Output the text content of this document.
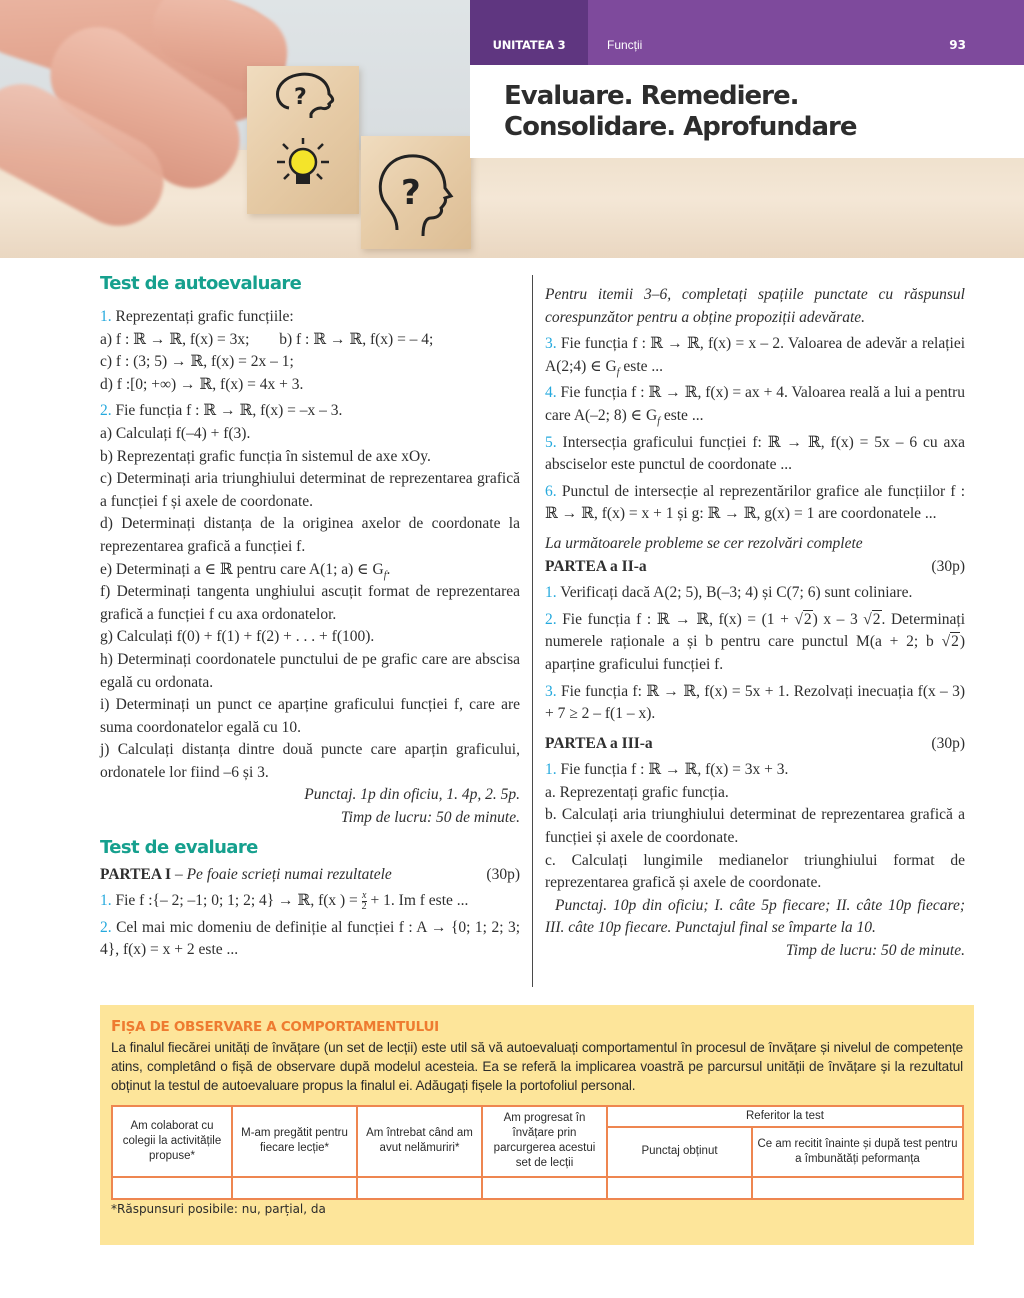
?
?
UNITATEA 3	Funcții	93
Evaluare. Remediere.
Consolidare. Aprofundare
Test de autoevaluare
1. Reprezentați grafic funcțiile:
a) f : ℝ → ℝ, f(x) = 3x; b) f : ℝ → ℝ, f(x) = – 4;
c) f : (3; 5) → ℝ, f(x) = 2x – 1;
d) f :[0; +∞) → ℝ, f(x) = 4x + 3.
2. Fie funcția f : ℝ → ℝ, f(x) = –x – 3.
a) Calculați f(–4) + f(3).
b) Reprezentați grafic funcția în sistemul de axe xOy.
c) Determinați aria triunghiului determinat de reprezentarea grafică a funcției f și axele de coordonate.
d) Determinați distanța de la originea axelor de coordonate la reprezentarea grafică a funcției f.
e) Determinați a ∈ ℝ pentru care A(1; a) ∈ $G_f$.
f) Determinați tangenta unghiului ascuțit format de reprezentarea grafică a funcției f cu axa ordonatelor.
g) Calculați f(0) + f(1) + f(2) + . . . + f(100).
h) Determinați coordonatele punctului de pe grafic care are abscisa egală cu ordonata.
i) Determinați un punct ce aparține graficului funcției f, care are suma coordonatelor egală cu 10.
j) Calculați distanța dintre două puncte care aparțin graficului, ordonatele lor fiind –6 și 3.
Punctaj. 1p din oficiu, 1. 4p, 2. 5p.
Timp de lucru: 50 de minute.
Test de evaluare
PARTEA I – Pe foaie scrieți numai rezultatele	(30p)
1. Fie f :{– 2; –1; 0; 1; 2; 4} → ℝ, f(x ) = $\frac{x}{2} + 1$. Im f este ...
2. Cel mai mic domeniu de definiție al funcției f : A → {0; 1; 2; 3; 4}, f(x) = x + 2 este ...
Pentru itemii 3–6, completați spațiile punctate cu răspunsul corespunzător pentru a obține propoziții adevărate.
3. Fie funcția f : ℝ → ℝ, f(x) = x – 2. Valoarea de adevăr a relației A(2;4) ∈ $G_f$ este ...
4. Fie funcția f : ℝ → ℝ, f(x) = ax + 4. Valoarea reală a lui a pentru care A(–2; 8) ∈ $G_f$ este ...
5. Intersecția graficului funcției f: ℝ → ℝ, f(x) = 5x – 6 cu axa absciselor este punctul de coordonate ...
6. Punctul de intersecție al reprezentărilor grafice ale funcțiilor f : ℝ → ℝ, f(x) = x + 1 și g: ℝ → ℝ, g(x) = 1 are coordonatele ...
La următoarele probleme se cer rezolvări complete
PARTEA a II-a	(30p)
1. Verificați dacă A(2; 5), B(–3; 4) și C(7; 6) sunt coliniare.
2. Fie funcția f : ℝ → ℝ, f(x) = (1 + √2) x – 3 √2. Determinați numerele raționale a și b pentru care punctul M(a + 2; b √2) aparține graficului funcției f.
3. Fie funcția f: ℝ → ℝ, f(x) = 5x + 1. Rezolvați inecuația f(x – 3) + 7 ≥ 2 – f(1 – x).
PARTEA a III-a	(30p)
1. Fie funcția f : ℝ → ℝ, f(x) = 3x + 3.
a. Reprezentați grafic funcția.
b. Calculați aria triunghiului determinat de reprezentarea grafică a funcției și axele de coordonate.
c. Calculați lungimile medianelor triunghiului format de reprezentarea grafică și axele de coordonate.
Punctaj. 10p din oficiu; I. câte 5p fiecare; II. câte 10p fiecare; III. câte 10p fiecare. Punctajul final se împarte la 10.
Timp de lucru: 50 de minute.
FIȘA DE OBSERVARE A COMPORTAMENTULUI
La finalul fiecărei unități de învățare (un set de lecții) este util să vă autoevaluați comportamentul în procesul de învățare și nivelul de competențe atins, completând o fișă de observare după modelul acesteia. Ea se referă la implicarea voastră pe parcursul unității de învățare și la rezultatul obținut la testul de autoevaluare propus la finalul ei. Adăugați fișele la portofoliul personal.
Am colaborat cu colegii la activitățile propuse*	M-am pregătit pentru fiecare lecție*	Am întrebat când am avut nelămuriri*	Am progresat în învățare prin parcurgerea acestui set de lecții	Referitor la test	
				Punctaj obținut	Ce am recitit înainte și după test pentru a îmbunătăți peformanța

*Răspunsuri posibile: nu, parțial, da
